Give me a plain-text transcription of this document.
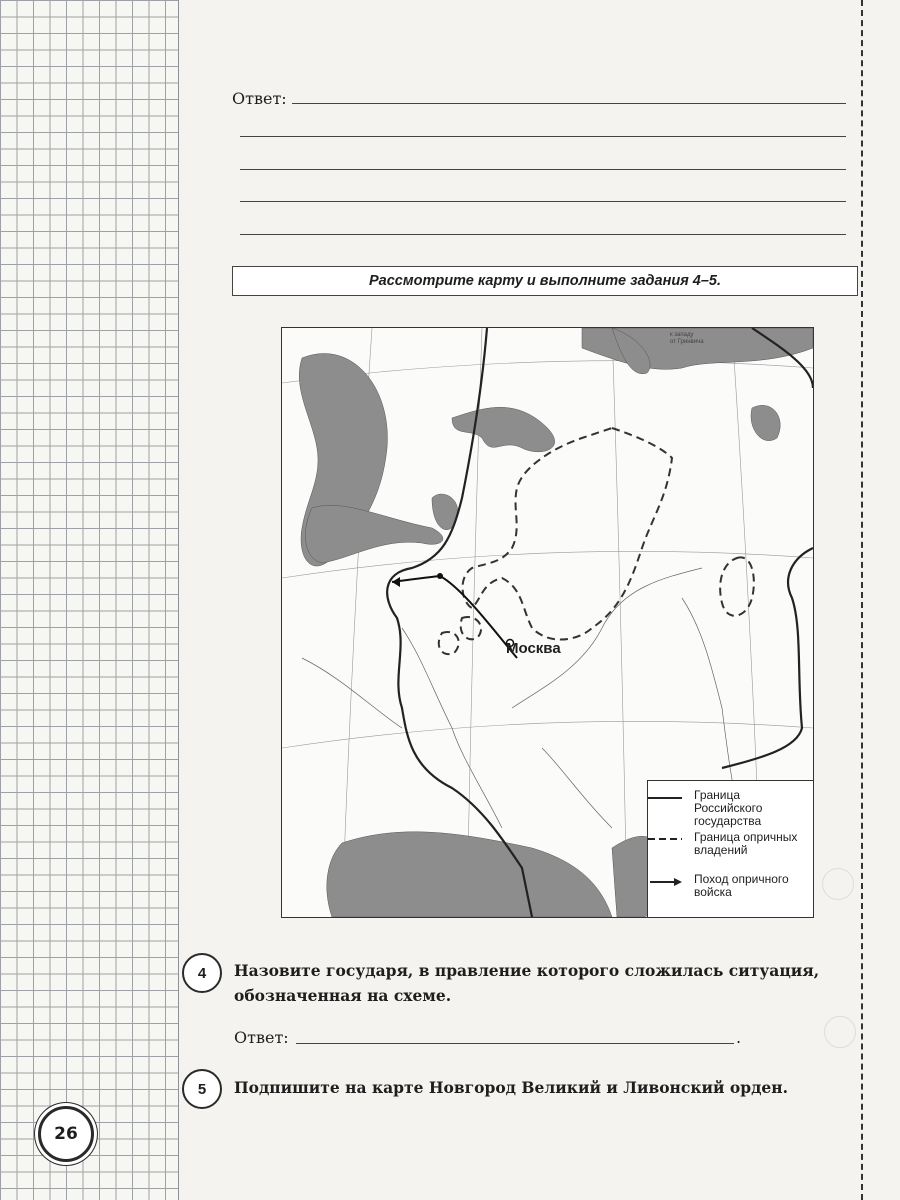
26
Ответ:
Рассмотрите карту и выполните задания 4–5.
к западу
от Гринвича
Москва
Граница Российского государства
Граница опричных владений
Поход опричного войска
4	Назовите государя, в правление которого сложилась ситуация, обозначенная на схеме.
Ответ:	.
5	Подпишите на карте Новгород Великий и Ливонский орден.
